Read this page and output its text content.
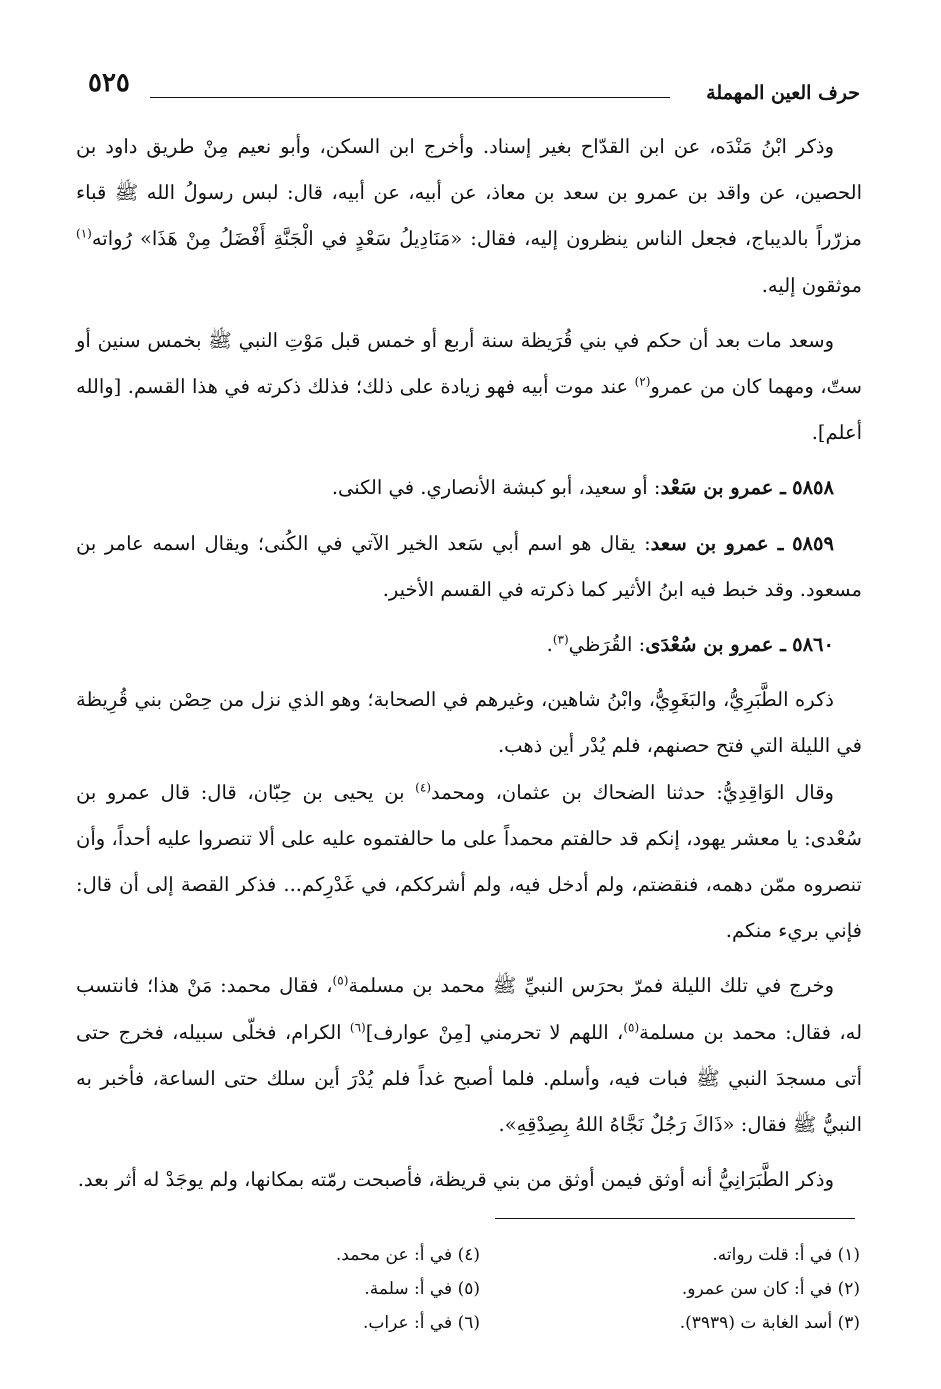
٥٢٥	حرف العين المهملة

وذكر ابْنُ مَنْدَه، عن ابن القدّاح بغير إسناد. وأخرج ابن السكن، وأبو نعيم مِنْ طريق داود بن الحصين، عن واقد بن عمرو بن سعد بن معاذ، عن أبيه، عن أبيه، قال: لبس رسولُ الله ﷺ قباء مزرّراً بالديباج، فجعل الناس ينظرون إليه، فقال: «مَنَادِيلُ سَعْدٍ في الْجَنَّةِ أَفْضَلُ مِنْ هَذَا» رُواته$^{(١)}$ موثقون إليه.

وسعد مات بعد أن حكم في بني قُرَيظة سنة أربع أو خمس قبل مَوْتِ النبي ﷺ بخمس سنين أو ستّ، ومهما كان من عمرو$^{(٢)}$ عند موت أبيه فهو زيادة على ذلك؛ فذلك ذكرته في هذا القسم. [والله أعلم].

٥٨٥٨ ـ عمرو بن سَعْد: أو سعيد، أبو كبشة الأنصاري. في الكنى.

٥٨٥٩ ـ عمرو بن سعد: يقال هو اسم أبي سَعد الخير الآتي في الكُنى؛ ويقال اسمه عامر بن مسعود. وقد خبط فيه ابنُ الأثير كما ذكرته في القسم الأخير.

٥٨٦٠ ـ عمرو بن سُعْدَى: القُرَظي$^{(٣)}$.

ذكره الطَّبَرِيُّ، والبَغَوِيُّ، وابْنُ شاهين، وغيرهم في الصحابة؛ وهو الذي نزل من حِصْن بني قُرِيظة في الليلة التي فتح حصنهم، فلم يُدْر أين ذهب.

وقال الوَاقِدِيُّ: حدثنا الضحاك بن عثمان، ومحمد$^{(٤)}$ بن يحيى بن حِبّان، قال: قال عمرو بن سُعْدى: يا معشر يهود، إنكم قد حالفتم محمداً على ما حالفتموه عليه على ألا تنصروا عليه أحداً، وأن تنصروه ممّن دهمه، فنقضتم، ولم أدخل فيه، ولم أشرككم، في غَدْرِكم... فذكر القصة إلى أن قال: فإني بريء منكم.

وخرج في تلك الليلة فمرّ بحرَس النبيِّ ﷺ محمد بن مسلمة$^{(٥)}$، فقال محمد: مَنْ هذا؛ فانتسب له، فقال: محمد بن مسلمة$^{(٥)}$، اللهم لا تحرمني [مِنْ عوارف]$^{(٦)}$ الكرام، فخلّى سبيله، فخرج حتى أتى مسجدَ النبي ﷺ فبات فيه، وأسلم. فلما أصبح غداً فلم يُدْرَ أين سلك حتى الساعة، فأخبر به النبيُّ ﷺ فقال: «ذَاكَ رَجُلٌ نَجَّاهُ اللهُ بِصِدْقِهِ».

وذكر الطَّبَرَانِيُّ أنه أوثق فيمن أوثق من بني قريظة، فأصبحت رمّته بمكانها، ولم يوجَدْ له أثر بعد.

(١) في أ: قلت رواته.
(٢) في أ: كان سن عمرو.
(٣) أسد الغابة ت (٣٩٣٩).
(٤) في أ: عن محمد.
(٥) في أ: سلمة.
(٦) في أ: عراب.
